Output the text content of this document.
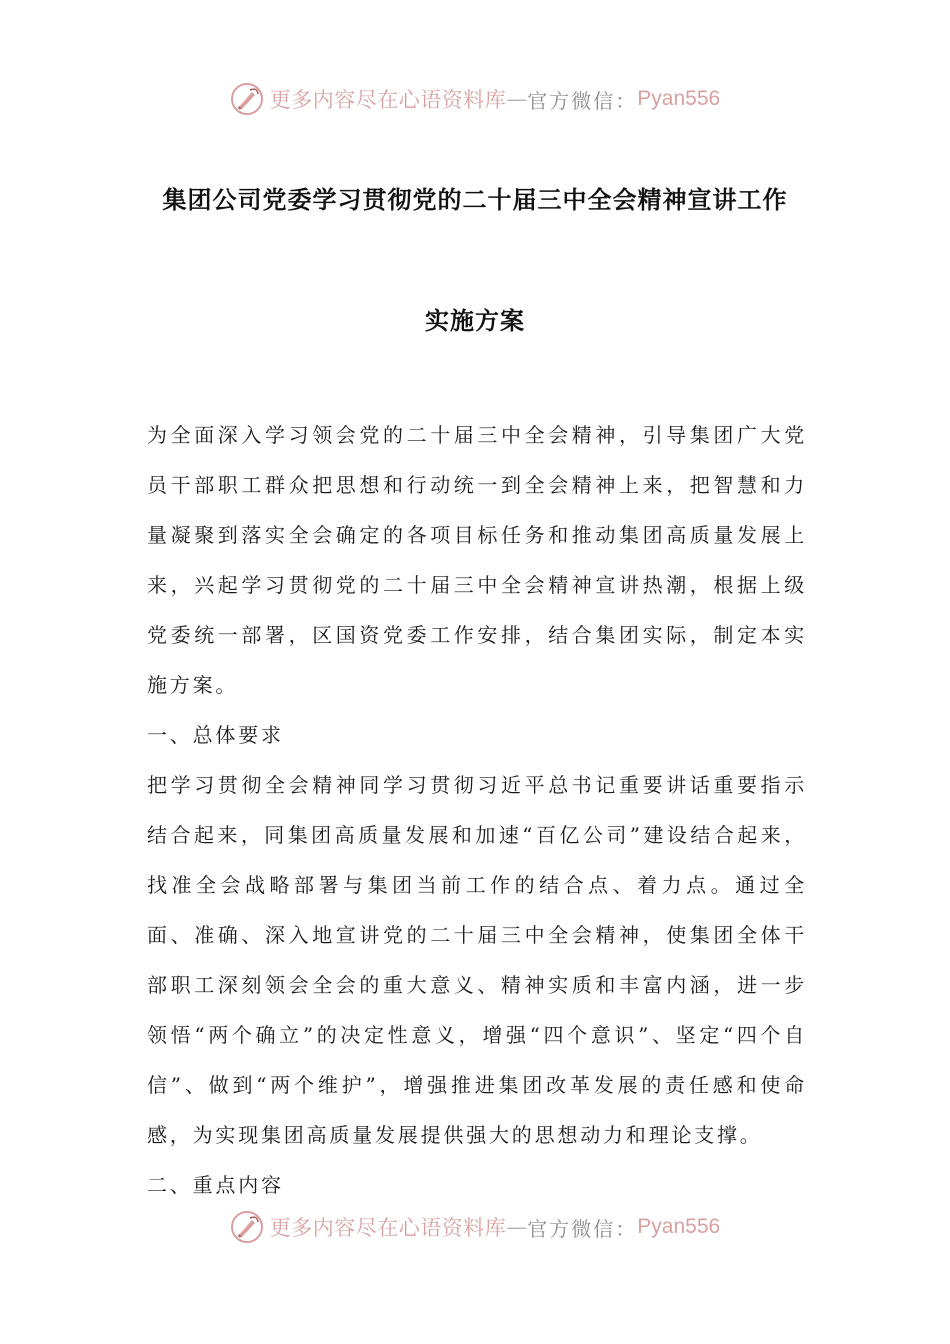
更多内容尽在心语资料库 — 官方微信： Pyan556
集团公司党委学习贯彻党的二十届三中全会精神宣讲工作
实施方案

为全面深入学习领会党的二十届三中全会精神，引导集团广大党员干部职工群众把思想和行动统一到全会精神上来，把智慧和力量凝聚到落实全会确定的各项目标任务和推动集团高质量发展上来，兴起学习贯彻党的二十届三中全会精神宣讲热潮，根据上级党委统一部署，区国资党委工作安排，结合集团实际，制定本实施方案。

一、总体要求

把学习贯彻全会精神同学习贯彻习近平总书记重要讲话重要指示结合起来，同集团高质量发展和加速“百亿公司”建设结合起来，找准全会战略部署与集团当前工作的结合点、着力点。通过全面、准确、深入地宣讲党的二十届三中全会精神，使集团全体干部职工深刻领会全会的重大意义、精神实质和丰富内涵，进一步领悟“两个确立”的决定性意义，增强“四个意识”、坚定“四个自信”、做到“两个维护”，增强推进集团改革发展的责任感和使命感，为实现集团高质量发展提供强大的思想动力和理论支撑。

二、重点内容

更多内容尽在心语资料库 — 官方微信： Pyan556
